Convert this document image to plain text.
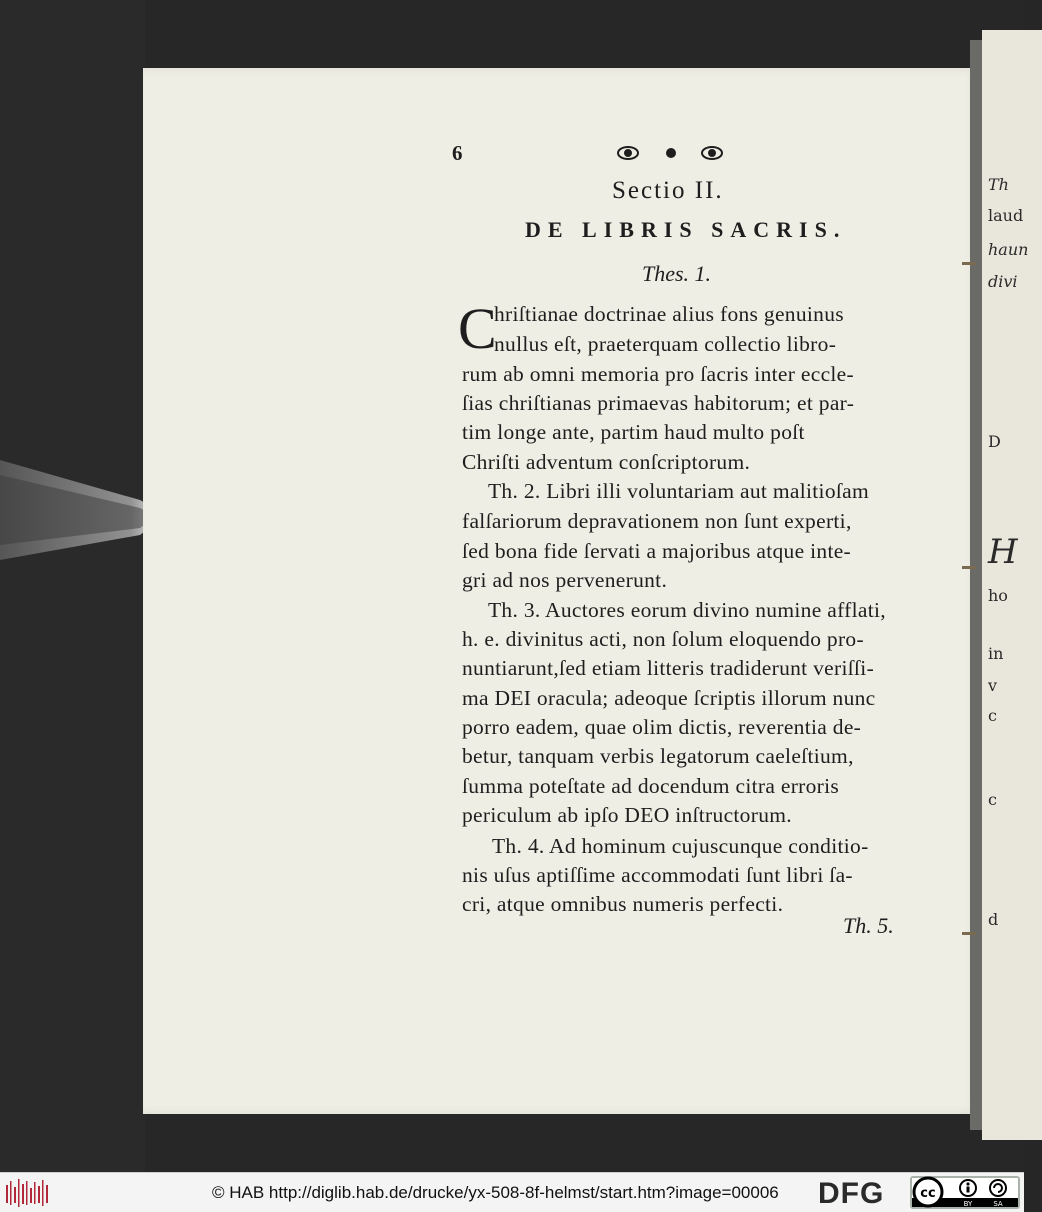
Th
laud
haun
divi
D
H
ho
in
v
c
c
d
6
Sectio II.
DE LIBRIS SACRIS.
Thes. 1.
C
hriſtianae doctrinae alius fons genuinus
nullus eſt, praeterquam collectio libro-
rum ab omni memoria pro ſacris inter eccle-
ſias chriſtianas primaevas habitorum; et par-
tim longe ante, partim haud multo poſt
Chriſti adventum conſcriptorum.
Th. 2. Libri illi voluntariam aut malitioſam
falſariorum depravationem non ſunt experti,
ſed bona fide ſervati a majoribus atque inte-
gri ad nos pervenerunt.
Th. 3. Auctores eorum divino numine afflati,
h. e. divinitus acti, non ſolum eloquendo pro-
nuntiarunt,ſed etiam litteris tradiderunt veriſſi-
ma DEI oracula; adeoque ſcriptis illorum nunc
porro eadem, quae olim dictis, reverentia de-
betur, tanquam verbis legatorum caeleſtium,
ſumma poteſtate ad docendum citra erroris
periculum ab ipſo DEO inſtructorum.
Th. 4. Ad hominum cujuscunque conditio-
nis uſus aptiſſime accommodati ſunt libri ſa-
cri, atque omnibus numeris perfecti.
Th. 5.
© HAB http://diglib.hab.de/drucke/yx-508-8f-helmst/start.htm?image=00006 DFG	cc
BY	SA
